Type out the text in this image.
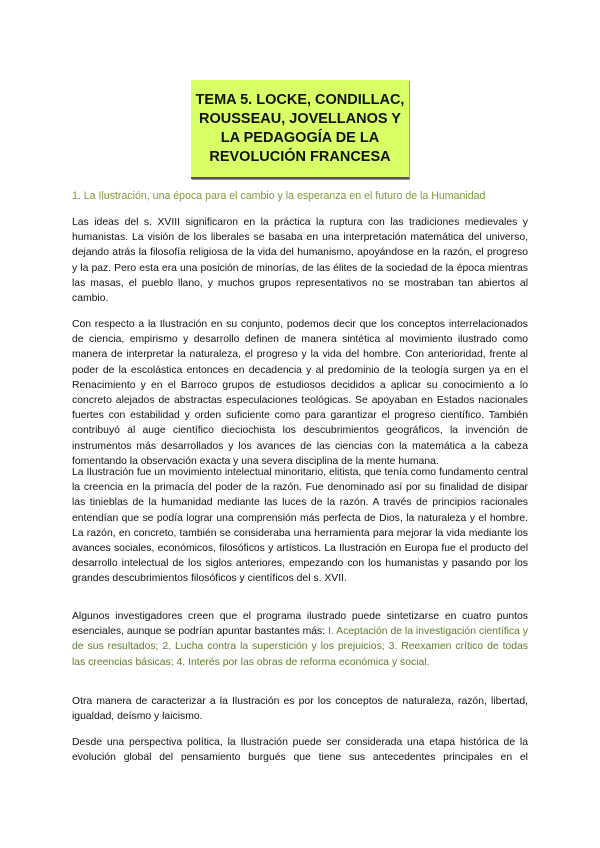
TEMA 5. LOCKE, CONDILLAC,
ROUSSEAU, JOVELLANOS Y
LA PEDAGOGÍA DE LA
REVOLUCIÓN FRANCESA
1. La Ilustración, una época para el cambio y la esperanza en el futuro de la Humanidad

Las ideas del s. XVIII significaron en la práctica la ruptura con las tradiciones medievales y humanistas. La visión de los liberales se basaba en una interpretación matemática del universo, dejando atrás la filosofía religiosa de la vida del humanismo, apoyándose en la razón, el progreso y la paz. Pero esta era una posición de minorías, de las élites de la sociedad de la época mientras las masas, el pueblo llano, y muchos grupos representativos no se mostraban tan abiertos al cambio.

Con respecto a la Ilustración en su conjunto, podemos decir que los conceptos interrelacionados de ciencia, empirismo y desarrollo definen de manera sintética al movimiento ilustrado como manera de interpretar la naturaleza, el progreso y la vida del hombre. Con anterioridad, frente al poder de la escolástica entonces en decadencia y al predominio de la teología surgen ya en el Renacimiento y en el Barroco grupos de estudiosos decididos a aplicar su conocimiento a lo concreto alejados de abstractas especulaciones teológicas. Se apoyaban en Estados nacionales fuertes con estabilidad y orden suficiente como para garantizar el progreso científico. También contribuyó al auge científico dieciochista los descubrimientos geográficos, la invención de instrumentos más desarrollados y los avances de las ciencias con la matemática a la cabeza fomentando la observación exacta y una severa disciplina de la mente humana.

La Ilustración fue un movimiento intelectual minoritario, elitista, que tenía como fundamento central la creencia en la primacía del poder de la razón. Fue denominado así por su finalidad de disipar las tinieblas de la humanidad mediante las luces de la razón. A través de principios racionales entendían que se podía lograr una comprensión más perfecta de Dios, la naturaleza y el hombre. La razón, en concreto, también se consideraba una herramienta para mejorar la vida mediante los avances sociales, económicos, filosóficos y artísticos. La Ilustración en Europa fue el producto del desarrollo intelectual de los siglos anteriores, empezando con los humanistas y pasando por los grandes descubrimientos filosóficos y científicos del s. XVII.

Algunos investigadores creen que el programa ilustrado puede sintetizarse en cuatro puntos esenciales, aunque se podrían apuntar bastantes más: I. Aceptación de la investigación científica y de sus resultados; 2. Lucha contra la superstición y los prejuicios; 3. Reexamen crítico de todas las creencias básicas; 4. Interés por las obras de reforma económica y social.

Otra manera de caracterizar a la Ilustración es por los conceptos de naturaleza, razón, libertad, igualdad, deísmo y laicismo.

Desde una perspectiva política, la Ilustración puede ser considerada una etapa histórica de la evolución global del pensamiento burgués que tiene sus antecedentes principales en el
